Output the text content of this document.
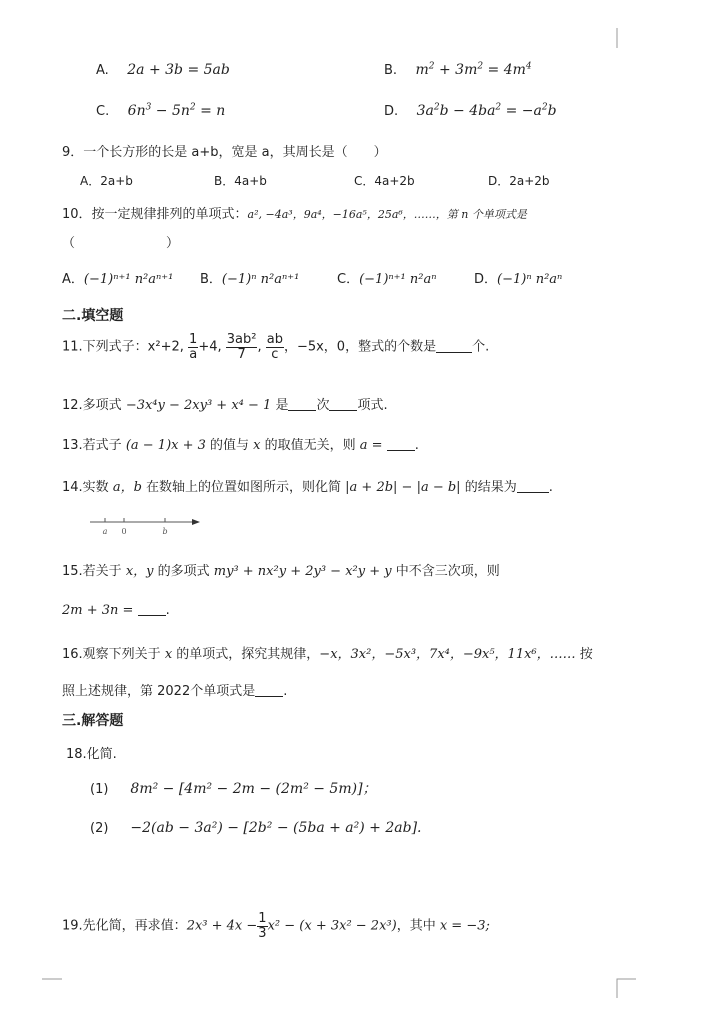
A. 2a + 3b = 5ab	B. $m^2 + 3m^2 = 4m^4$
C. $6n^3 - 5n^2 = n$	D. $3a^2b - 4ba^2 = -a^2b$
9．一个长方形的长是 a+b，宽是 a，其周长是（　　）
A．2a+b	B．4a+b	C．4a+2b	D．2a+2b
10．按一定规律排列的单项式：a², −4a³，9a⁴，−16a⁵，25a⁶，……，第 n 个单项式是
（　　　　　　　）
A．(−1)ⁿ⁺¹ n²aⁿ⁺¹ B．(−1)ⁿ n²aⁿ⁺¹	C．(−1)ⁿ⁺¹ n²aⁿ	D．(−1)ⁿ n²aⁿ
二.填空题
11.下列式子：x²+2, $\frac{1}{a} +4$, $\frac{\text{3ab²}}{7}$ , $\frac{ab}{c}$ ，−5x，0，整式的个数是	个.
12.多项式 −3x⁴y − 2xy³ + x⁴ − 1 是 次 项式.
13.若式子 (a − 1)x + 3 的值与 x 的取值无关，则 a = .
14.实数 a，b 在数轴上的位置如图所示，则化简 |a + 2b| − |a − b| 的结果为 .
a 0	b
15.若关于 x，y 的多项式 my³ + nx²y + 2y³ − x²y + y 中不含三次项，则
2m + 3n = .
16.观察下列关于 x 的单项式，探究其规律，−x，3x²，−5x³，7x⁴，−9x⁵，11x⁶，…… 按
照上述规律，第 2022个单项式是 .
三.解答题
18.化简.
(1) 8m² − [4m² − 2m − (2m² − 5m)]；
(2) −2(ab − 3a²) − [2b² − (5ba + a²) + 2ab].
19.先化简，再求值：$2x^3 + 4x - \frac{1}{3} x^2 - (x + 3x^2 - 2x^3)$，其中 x = −3;
